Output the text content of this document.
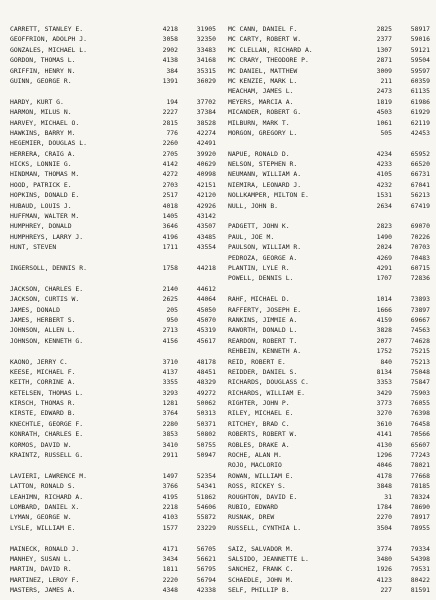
CARRETT, STANLEY E.	4218	31905
GEOFFRION, ADOLPH J.	3058	32350
GONZALES, MICHAEL L.	2902	33483
GORDON, THOMAS L.	4138	34168
GRIFFIN, HENRY N.	384	35315
GUINN, GEORGE R.	1391	36029
HARDY, KURT G.	194	37702
HARMON, MILUS N.	2227	37384
HARVEY, MICHAEL O.	2815	38528
HAWKINS, BARRY M.	776	42274
HEGEMIER, DOUGLAS L.	2260	42491
HERRERA, CRAIG A.	2705	39920
HICKS, LONNIE G.	4142	40629
HINDMAN, THOMAS M.	4272	40998
HOOD, PATRICK E.	2703	42151
HOPKINS, DONALD E.	2517	42120
HUBAUD, LOUIS J.	4018	42926
HUFFMAN, WALTER M.	1405	43142
HUMPHREY, DONALD	3646	43507
HUMPHREYS, LARRY J.	4196	43485
HUNT, STEVEN	1711	43554
INGERSOLL, DENNIS R.	1758	44218
JACKSON, CHARLES E.	2140	44612
JACKSON, CURTIS W.	2625	44064
JAMES, DONALD	205	45050
JAMES, HERBERT S.	950	45070
JOHNSON, ALLEN L.	2713	45319
JOHNSON, KENNETH G.	4156	45617
KAONO, JERRY C.	3710	48178
KEESE, MICHAEL F.	4137	48451
KEITH, CORRINE A.	3355	48329
KETELSEN, THOMAS L.	3293	49272
KIRSCH, THOMAS R.	1281	50062
KIRSTE, EDWARD B.	3764	50313
KNECHTLE, GEORGE F.	2280	50371
KONRATH, CHARLES E.	3853	50802
KORMOS, DAVID W.	3410	50755
KRAINTZ, RUSSELL G.	2911	50947
LAVIERI, LAWRENCE M.	1497	52354
LATTON, RONALD S.	3766	54341
LEAHIMN, RICHARD A.	4195	51862
LOMBARD, DANIEL X.	2218	54606
LYMAN, GEORGE W.	4103	55872
LYSLE, WILLIAM E.	1577	23229
MAINECK, RONALD J.	4171	56705
MANHEY, SUSAN L.	3434	56621
MARTIN, DAVID R.	1811	56795
MARTINEZ, LEROY F.	2220	56794
MASTERS, JAMES A.	4348	42338
MC CANN, DANIEL F.	2825	58917
MC CARTY, ROBERT W.	2377	59016
MC CLELLAN, RICHARD A.	1307	59121
MC CRARY, THEODORE P.	2871	59504
MC DANIEL, MATTHEW	3009	59597
MC KENZIE, MARK L.	211	60359
MEACHAM, JAMES L.	2473	61135
MEYERS, MARCIA A.	1819	61986
MICANDER, ROBERT G.	4503	61929
MILBURN, MARK T.	1061	62119
MORGON, GREGORY L.	505	42453
NAPUE, RONALD D.	4234	65952
NELSON, STEPHEN R.	4233	66520
NEUMANN, WILLIAM A.	4105	66731
NIEMIRA, LEONARD J.	4232	67041
NOLLKAMPER, MILTON E.	1531	56213
NULL, JOHN B.	2634	67419
PADGETT, JOHN K.	2823	69070
PAUL, JOE M.	1490	70226
PAULSON, WILLIAM R.	2024	70703
PEDROZA, GEORGE A.	4269	70483
PLANTIN, LYLE R.	4291	60715
POWELL, DENNIS L.	1707	72836
RAHF, MICHAEL D.	1014	73893
RAFFERTY, JOSEPH E.	1666	73897
RANKINS, JIMMIE A.	4159	69667
RAWORTH, DONALD L.	3828	74563
REARDON, ROBERT T.	2077	74628
REHBEIN, KENNETH A.	1752	75215
REID, ROBERT E.	840	75213
REIDDER, DANIEL S.	8134	75048
RICHARDS, DOUGLASS C.	3353	75847
RICHARDS, WILLIAM E.	3429	75903
RIGHTER, JOHN P.	3773	76055
RILEY, MICHAEL E.	3270	76398
RITCHEY, BRAD C.	3610	76458
ROBERTS, ROBERT W.	4141	70566
ROBLES, DRAKE A.	4130	65607
ROCHE, ALAN M.	1296	77243
ROJO, MACLORIO	4046	78021
ROWAN, WILLIAM E.	4178	77668
ROSS, RICKEY S.	3848	78185
ROUGHTON, DAVID E.	31	78324
RUBIO, EDWARD	1784	78690
RUSNAK, DREW	2270	78917
RUSSELL, CYNTHIA L.	3504	78955
SAIZ, SALVADOR M.	3774	79334
SALSIDO, JEANNETTE L.	3480	54398
SANCHEZ, FRANK C.	1926	79531
SCHAEDLE, JOHN M.	4123	80422
SELF, PHILLIP B.	227	81591
